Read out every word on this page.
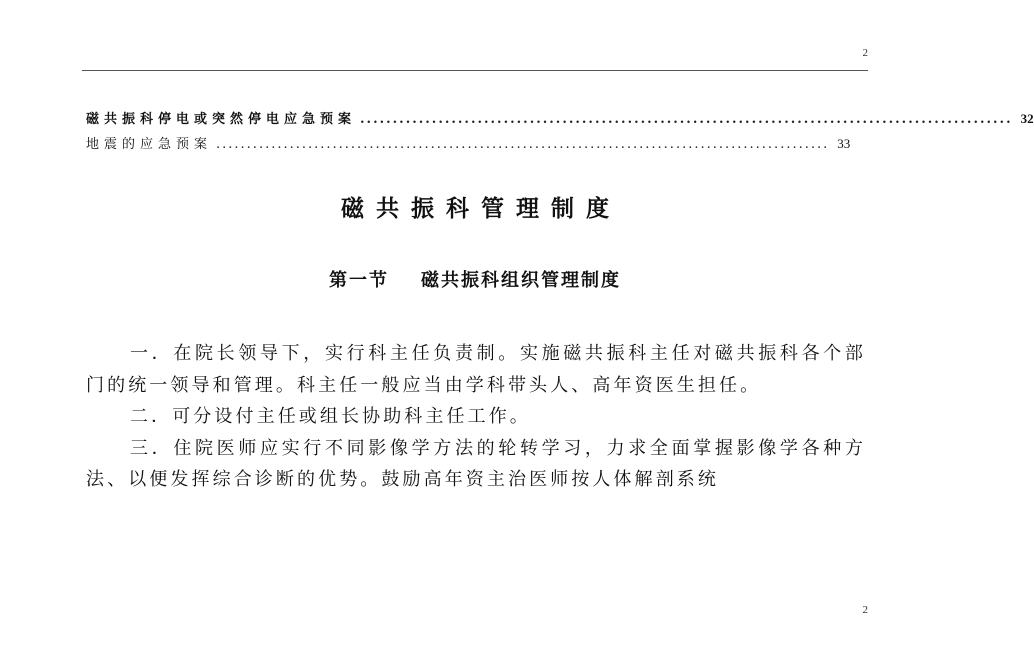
2
磁共振科停电或突然停电应急预案 .................................................................................................... 32
地震的应急预案 .................................................................................................... 33
磁共振科管理制度
第一节 磁共振科组织管理制度

一．在院长领导下，实行科主任负责制。实施磁共振科主任对磁共振科各个部门的统一领导和管理。科主任一般应当由学科带头人、高年资医生担任。

二．可分设付主任或组长协助科主任工作。

三．住院医师应实行不同影像学方法的轮转学习，力求全面掌握影像学各种方法、以便发挥综合诊断的优势。鼓励高年资主治医师按人体解剖系统

2
